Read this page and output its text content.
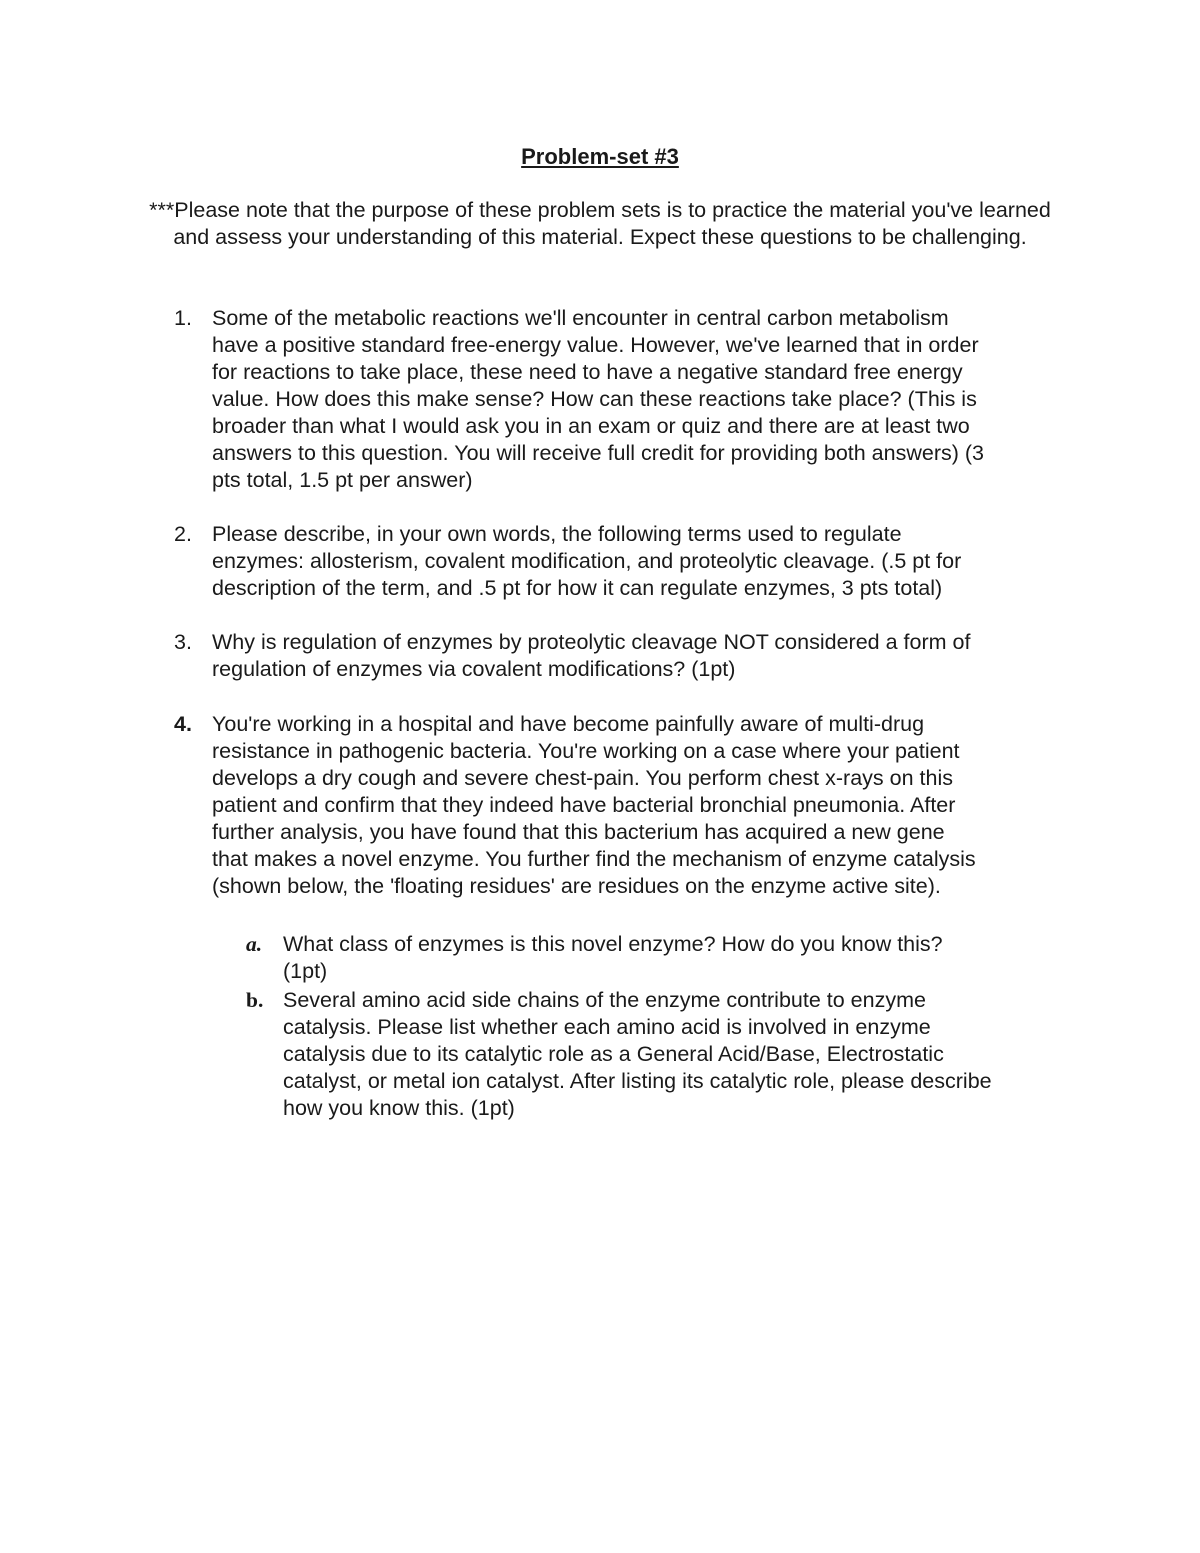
Problem-set #3
***Please note that the purpose of these problem sets is to practice the material you've learned and assess your understanding of this material. Expect these questions to be challenging.
1. Some of the metabolic reactions we'll encounter in central carbon metabolism
have a positive standard free-energy value. However, we've learned that in order
for reactions to take place, these need to have a negative standard free energy
value. How does this make sense? How can these reactions take place? (This is
broader than what I would ask you in an exam or quiz and there are at least two
answers to this question. You will receive full credit for providing both answers) (3
pts total, 1.5 pt per answer)
2. Please describe, in your own words, the following terms used to regulate
enzymes: allosterism, covalent modification, and proteolytic cleavage. (.5 pt for
description of the term, and .5 pt for how it can regulate enzymes, 3 pts total)
3. Why is regulation of enzymes by proteolytic cleavage NOT considered a form of
regulation of enzymes via covalent modifications? (1pt)
4. You're working in a hospital and have become painfully aware of multi-drug
resistance in pathogenic bacteria. You're working on a case where your patient
develops a dry cough and severe chest-pain. You perform chest x-rays on this
patient and confirm that they indeed have bacterial bronchial pneumonia. After
further analysis, you have found that this bacterium has acquired a new gene
that makes a novel enzyme. You further find the mechanism of enzyme catalysis
(shown below, the 'floating residues' are residues on the enzyme active site).
a. What class of enzymes is this novel enzyme? How do you know this?
(1pt)
b. Several amino acid side chains of the enzyme contribute to enzyme
catalysis. Please list whether each amino acid is involved in enzyme
catalysis due to its catalytic role as a General Acid/Base, Electrostatic
catalyst, or metal ion catalyst. After listing its catalytic role, please describe
how you know this. (1pt)
